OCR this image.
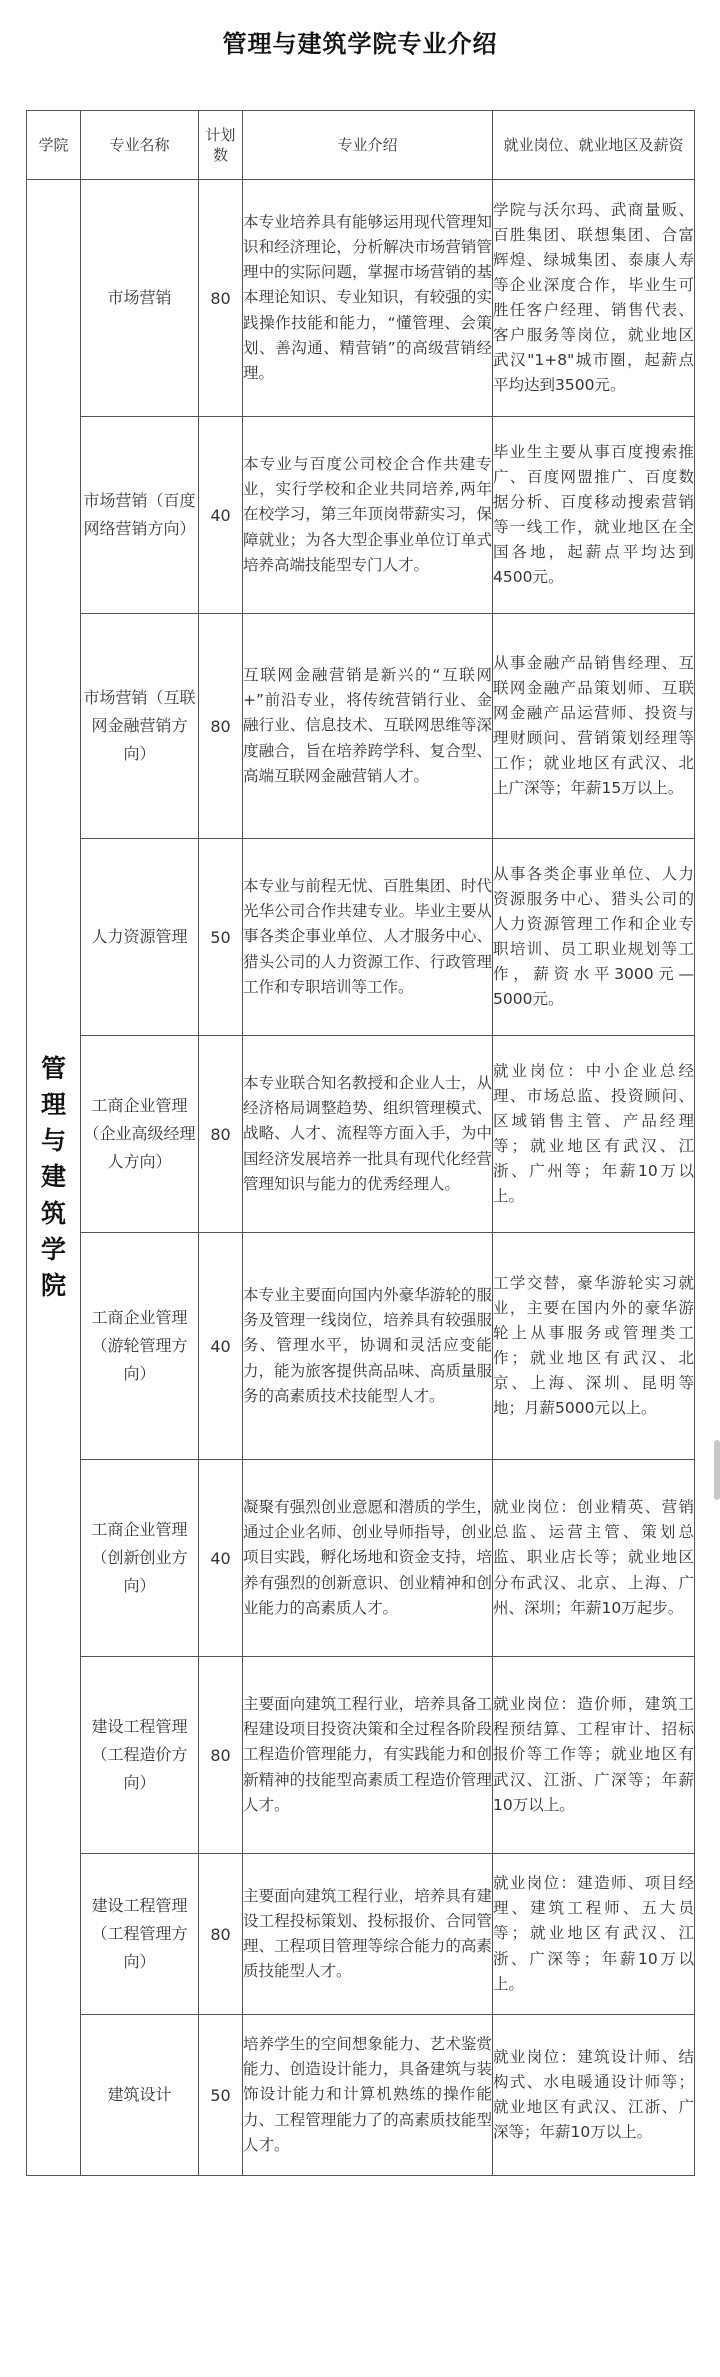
管理与建筑学院专业介绍
学院	专业名称	计划数	专业介绍	就业岗位、就业地区及薪资
管理与建筑学院	市场营销	80	本专业培养具有能够运用现代管理知识和经济理论，分析解决市场营销管理中的实际问题，掌握市场营销的基本理论知识、专业知识，有较强的实践操作技能和能力，“懂管理、会策划、善沟通、精营销”的高级营销经理。	学院与沃尔玛、武商量贩、百胜集团、联想集团、合富辉煌、绿城集团、泰康人寿等企业深度合作，毕业生可胜任客户经理、销售代表、客户服务等岗位，就业地区武汉"1+8"城市圈，起薪点平均达到3500元。
	市场营销（百度网络营销方向）	40	本专业与百度公司校企合作共建专业，实行学校和企业共同培养,两年在校学习，第三年顶岗带薪实习，保障就业；为各大型企事业单位订单式培养高端技能型专门人才。	毕业生主要从事百度搜索推广、百度网盟推广、百度数据分析、百度移动搜索营销等一线工作，就业地区在全国各地，起薪点平均达到4500元。
	市场营销（互联网金融营销方向）	80	互联网金融营销是新兴的“互联网+”前沿专业，将传统营销行业、金融行业、信息技术、互联网思维等深度融合，旨在培养跨学科、复合型、高端互联网金融营销人才。	从事金融产品销售经理、互联网金融产品策划师、互联网金融产品运营师、投资与理财顾问、营销策划经理等工作；就业地区有武汉、北上广深等；年薪15万以上。
	人力资源管理	50	本专业与前程无忧、百胜集团、时代光华公司合作共建专业。毕业主要从事各类企事业单位、人才服务中心、猎头公司的人力资源工作、行政管理工作和专职培训等工作。	从事各类企事业单位、人力资源服务中心、猎头公司的人力资源管理工作和企业专职培训、员工职业规划等工作，薪资水平3000元—5000元。
	工商企业管理（企业高级经理人方向）	80	本专业联合知名教授和企业人士，从经济格局调整趋势、组织管理模式、战略、人才、流程等方面入手，为中国经济发展培养一批具有现代化经营管理知识与能力的优秀经理人。	就业岗位：中小企业总经理、市场总监、投资顾问、区域销售主管、产品经理等；就业地区有武汉、江浙、广州等；年薪10万以上。
	工商企业管理（游轮管理方向）	40	本专业主要面向国内外豪华游轮的服务及管理一线岗位，培养具有较强服务、管理水平，协调和灵活应变能力，能为旅客提供高品味、高质量服务的高素质技术技能型人才。	工学交替，豪华游轮实习就业，主要在国内外的豪华游轮上从事服务或管理类工作；就业地区有武汉、北京、上海、深圳、昆明等地；月薪5000元以上。
	工商企业管理（创新创业方向）	40	凝聚有强烈创业意愿和潜质的学生，通过企业名师、创业导师指导，创业项目实践，孵化场地和资金支持，培养有强烈的创新意识、创业精神和创业能力的高素质人才。	就业岗位：创业精英、营销总监、运营主管、策划总监、职业店长等；就业地区分布武汉、北京、上海、广州、深圳；年薪10万起步。
	建设工程管理（工程造价方向）	80	主要面向建筑工程行业，培养具备工程建设项目投资决策和全过程各阶段工程造价管理能力，有实践能力和创新精神的技能型高素质工程造价管理人才。	就业岗位：造价师，建筑工程预结算、工程审计、招标报价等工作等；就业地区有武汉、江浙、广深等；年薪10万以上。
	建设工程管理（工程管理方向）	80	主要面向建筑工程行业，培养具有建设工程投标策划、投标报价、合同管理、工程项目管理等综合能力的高素质技能型人才。	就业岗位：建造师、项目经理、建筑工程师、五大员等；就业地区有武汉、江浙、广深等；年薪10万以上。
	建筑设计	50	培养学生的空间想象能力、艺术鉴赏能力、创造设计能力，具备建筑与装饰设计能力和计算机熟练的操作能力、工程管理能力了的高素质技能型人才。	就业岗位：建筑设计师、结构式、水电暖通设计师等；就业地区有武汉、江浙、广深等；年薪10万以上。
